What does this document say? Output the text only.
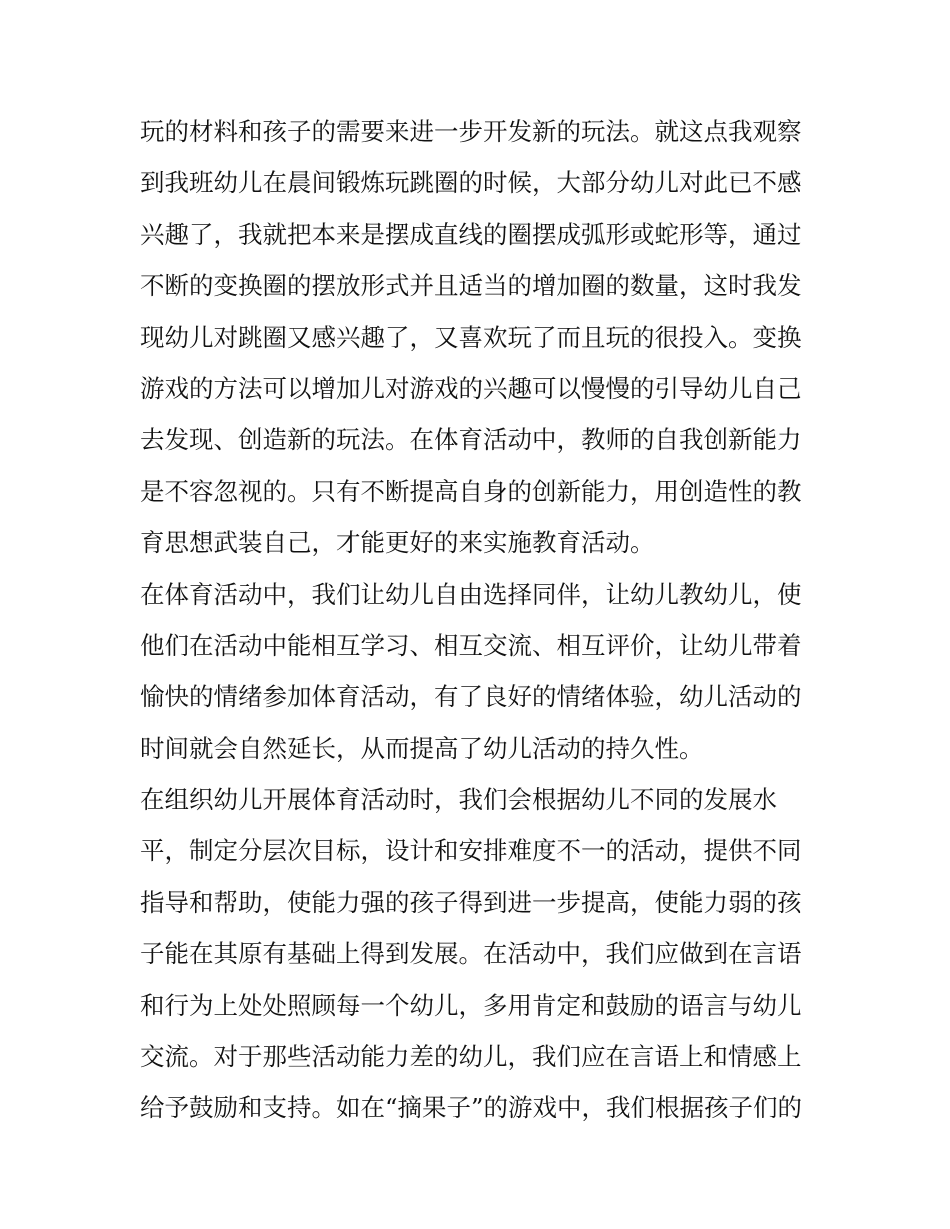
玩的材料和孩子的需要来进一步开发新的玩法。就这点我观察
到我班幼儿在晨间锻炼玩跳圈的时候，大部分幼儿对此已不感
兴趣了，我就把本来是摆成直线的圈摆成弧形或蛇形等，通过
不断的变换圈的摆放形式并且适当的增加圈的数量，这时我发
现幼儿对跳圈又感兴趣了，又喜欢玩了而且玩的很投入。变换
游戏的方法可以增加儿对游戏的兴趣可以慢慢的引导幼儿自己
去发现、创造新的玩法。在体育活动中，教师的自我创新能力
是不容忽视的。只有不断提高自身的创新能力，用创造性的教
育思想武装自己，才能更好的来实施教育活动。
在体育活动中，我们让幼儿自由选择同伴，让幼儿教幼儿，使
他们在活动中能相互学习、相互交流、相互评价，让幼儿带着
愉快的情绪参加体育活动，有了良好的情绪体验，幼儿活动的
时间就会自然延长，从而提高了幼儿活动的持久性。
在组织幼儿开展体育活动时，我们会根据幼儿不同的发展水
平，制定分层次目标，设计和安排难度不一的活动，提供不同
指导和帮助，使能力强的孩子得到进一步提高，使能力弱的孩
子能在其原有基础上得到发展。在活动中，我们应做到在言语
和行为上处处照顾每一个幼儿，多用肯定和鼓励的语言与幼儿
交流。对于那些活动能力差的幼儿，我们应在言语上和情感上
给予鼓励和支持。如在“摘果子”的游戏中，我们根据孩子们的
